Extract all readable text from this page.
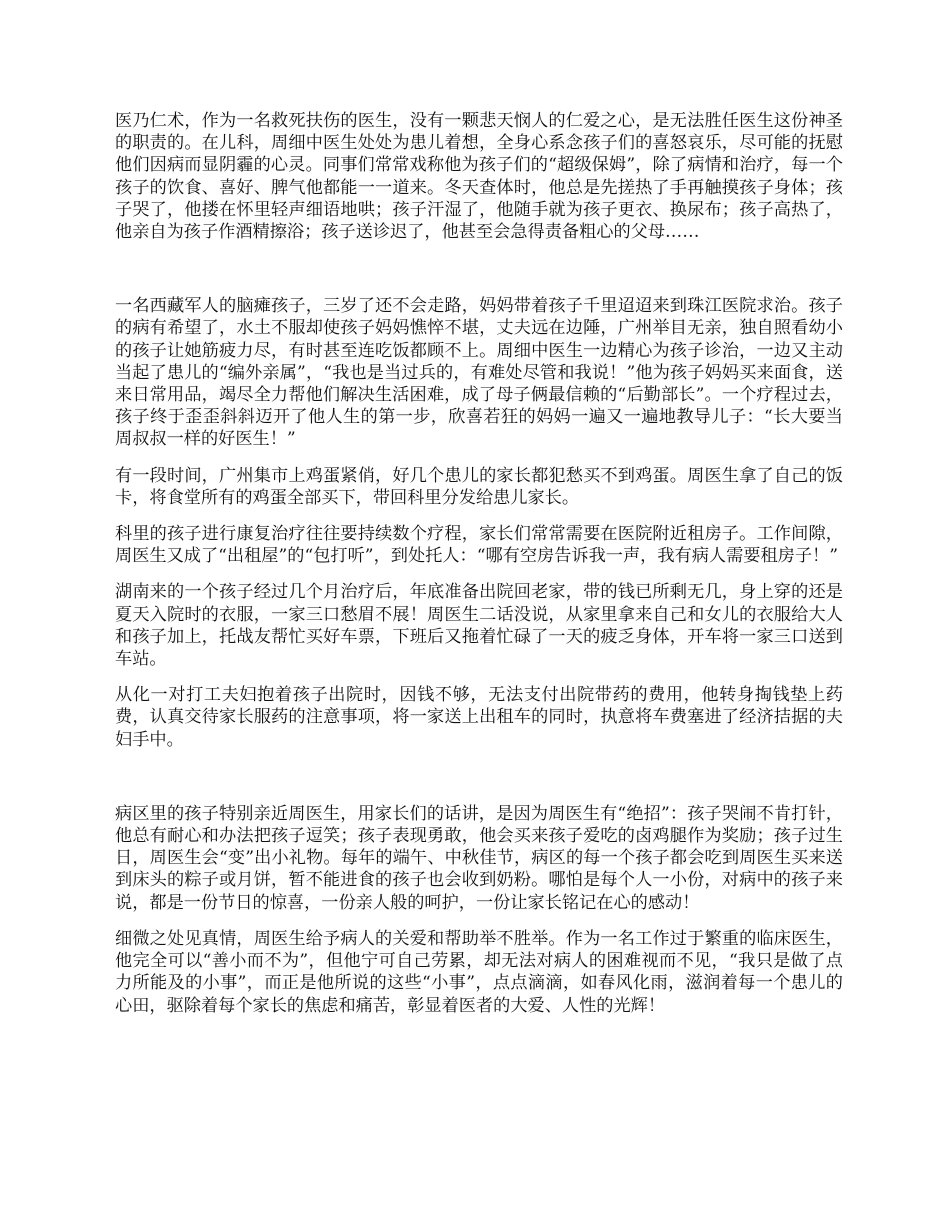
医乃仁术，作为一名救死扶伤的医生，没有一颗悲天悯人的仁爱之心，是无法胜任医生这份神圣的职责的。在儿科，周细中医生处处为患儿着想，全身心系念孩子们的喜怒哀乐，尽可能的抚慰他们因病而显阴霾的心灵。同事们常常戏称他为孩子们的“超级保姆”，除了病情和治疗，每一个孩子的饮食、喜好、脾气他都能一一道来。冬天查体时，他总是先搓热了手再触摸孩子身体；孩子哭了，他搂在怀里轻声细语地哄；孩子汗湿了，他随手就为孩子更衣、换尿布；孩子高热了，他亲自为孩子作酒精擦浴；孩子送诊迟了，他甚至会急得责备粗心的父母……

一名西藏军人的脑瘫孩子，三岁了还不会走路，妈妈带着孩子千里迢迢来到珠江医院求治。孩子的病有希望了，水土不服却使孩子妈妈憔悴不堪，丈夫远在边陲，广州举目无亲，独自照看幼小的孩子让她筋疲力尽，有时甚至连吃饭都顾不上。周细中医生一边精心为孩子诊治，一边又主动当起了患儿的“编外亲属”，“我也是当过兵的，有难处尽管和我说！”他为孩子妈妈买来面食，送来日常用品，竭尽全力帮他们解决生活困难，成了母子俩最信赖的“后勤部长”。一个疗程过去，孩子终于歪歪斜斜迈开了他人生的第一步，欣喜若狂的妈妈一遍又一遍地教导儿子：“长大要当周叔叔一样的好医生！”

有一段时间，广州集市上鸡蛋紧俏，好几个患儿的家长都犯愁买不到鸡蛋。周医生拿了自己的饭卡，将食堂所有的鸡蛋全部买下，带回科里分发给患儿家长。

科里的孩子进行康复治疗往往要持续数个疗程，家长们常常需要在医院附近租房子。工作间隙，周医生又成了“出租屋”的“包打听”，到处托人：“哪有空房告诉我一声，我有病人需要租房子！”

湖南来的一个孩子经过几个月治疗后，年底准备出院回老家，带的钱已所剩无几，身上穿的还是夏天入院时的衣服，一家三口愁眉不展！周医生二话没说，从家里拿来自己和女儿的衣服给大人和孩子加上，托战友帮忙买好车票，下班后又拖着忙碌了一天的疲乏身体，开车将一家三口送到车站。

从化一对打工夫妇抱着孩子出院时，因钱不够，无法支付出院带药的费用，他转身掏钱垫上药费，认真交待家长服药的注意事项，将一家送上出租车的同时，执意将车费塞进了经济拮据的夫妇手中。

病区里的孩子特别亲近周医生，用家长们的话讲，是因为周医生有“绝招”：孩子哭闹不肯打针，他总有耐心和办法把孩子逗笑；孩子表现勇敢，他会买来孩子爱吃的卤鸡腿作为奖励；孩子过生日，周医生会“变”出小礼物。每年的端午、中秋佳节，病区的每一个孩子都会吃到周医生买来送到床头的粽子或月饼，暂不能进食的孩子也会收到奶粉。哪怕是每个人一小份，对病中的孩子来说，都是一份节日的惊喜，一份亲人般的呵护，一份让家长铭记在心的感动！

细微之处见真情，周医生给予病人的关爱和帮助举不胜举。作为一名工作过于繁重的临床医生，他完全可以“善小而不为”，但他宁可自己劳累，却无法对病人的困难视而不见，“我只是做了点力所能及的小事”，而正是他所说的这些“小事”，点点滴滴，如春风化雨，滋润着每一个患儿的心田，驱除着每个家长的焦虑和痛苦，彰显着医者的大爱、人性的光辉！
